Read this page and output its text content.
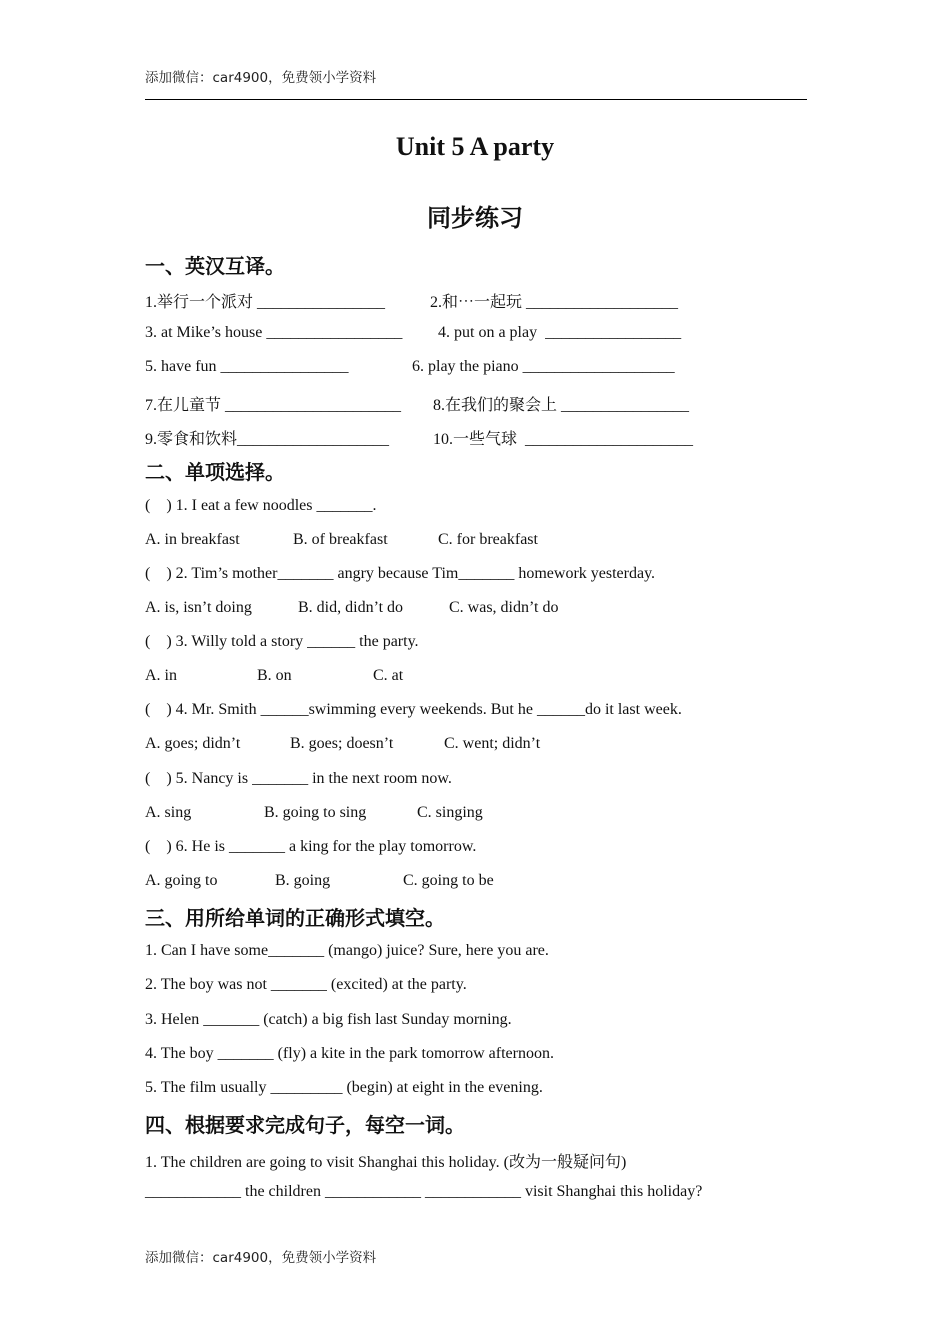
添加微信：car4900，免费领小学资料
Unit 5 A party
同步练习
一、英汉互译。
1.举行一个派对 ________________	2.和⋯一起玩 ___________________
3. at Mike’s house _________________ 4. put on a play  _________________
5. have fun ________________	6. play the piano ___________________
7.在儿童节 ______________________ 8.在我们的聚会上 ________________
9.零食和饮料___________________	10.一些气球  _____________________
二、单项选择。
(    ) 1. I eat a few noodles _______.
A. in breakfast	B. of breakfast	C. for breakfast
(    ) 2. Tim’s mother_______ angry because Tim_______ homework yesterday.
A. is, isn’t doing	B. did, didn’t do	C. was, didn’t do
(    ) 3. Willy told a story ______ the party.
A. in	B. on	C. at
(    ) 4. Mr. Smith ______swimming every weekends. But he ______do it last week.
A. goes; didn’t	B. goes; doesn’t	C. went; didn’t
(    ) 5. Nancy is _______ in the next room now.
A. sing	B. going to sing	C. singing
(    ) 6. He is _______ a king for the play tomorrow.
A. going to	B. going	C. going to be
三、用所给单词的正确形式填空。
1. Can I have some_______ (mango) juice? Sure, here you are.
2. The boy was not _______ (excited) at the party.
3. Helen _______ (catch) a big fish last Sunday morning.
4. The boy _______ (fly) a kite in the park tomorrow afternoon.
5. The film usually _________ (begin) at eight in the evening.
四、根据要求完成句子，每空一词。
1. The children are going to visit Shanghai this holiday. (改为一般疑问句)
____________ the children ____________ ____________ visit Shanghai this holiday?
添加微信：car4900，免费领小学资料
